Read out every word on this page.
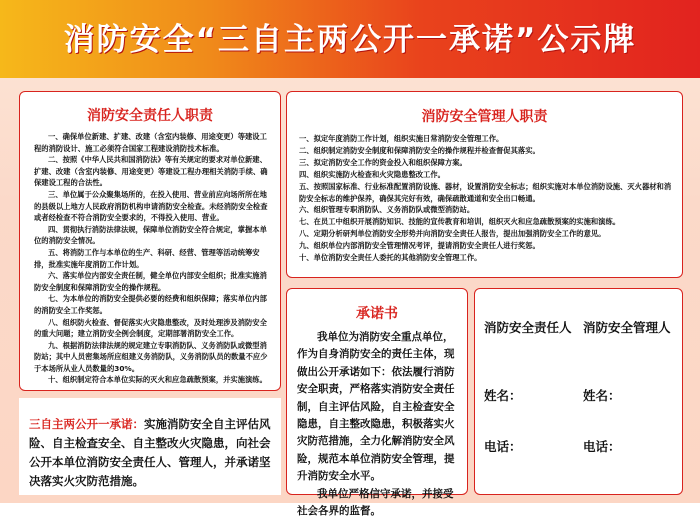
消防安全“三自主两公开一承诺”公示牌
消防安全责任人职责

一、确保单位新建、扩建、改建（含室内装修、用途变更）等建设工程的消防设计、施工必须符合国家工程建设消防技术标准。

二、按照《中华人民共和国消防法》等有关规定的要求对单位新建、扩建、改建（含室内装修、用途变更）等建设工程办理相关消防手续、确保建设工程的合法性。

三、单位属于公众聚集场所的，在投入使用、营业前应向场所所在地的县级以上地方人民政府消防机构申请消防安全检查。未经消防安全检查或者经检查不符合消防安全要求的，不得投入使用、营业。

四、贯彻执行消防法律法规，保障单位消防安全符合规定，掌握本单位的消防安全情况。

五、将消防工作与本单位的生产、科研、经营、管理等活动统筹安排，批准实施年度消防工作计划。

六、落实单位内部安全责任制，健全单位内部安全组织；批准实施消防安全制度和保障消防安全的操作规程。

七、为本单位的消防安全提供必要的经费和组织保障；落实单位内部的消防安全工作奖惩。

八、组织防火检查、督促落实火灾隐患整改，及时处理涉及消防安全的重大问题；建立消防安全例会制度，定期部署消防安全工作。

九、根据消防法律法规的规定建立专职消防队、义务消防队或微型消防站；其中人员密集场所应组建义务消防队，义务消防队员的数量不应少于本场所从业人员数量的30%。

十、组织制定符合本单位实际的灭火和应急疏散预案，并实施演练。

消防安全管理人职责

一、拟定年度消防工作计划，组织实施日常消防安全管理工作。

二、组织制定消防安全制度和保障消防安全的操作规程并检查督促其落实。

三、拟定消防安全工作的资金投入和组织保障方案。

四、组织实施防火检查和火灾隐患整改工作。

五、按照国家标准、行业标准配置消防设施、器材，设置消防安全标志；组织实施对本单位消防设施、灭火器材和消防安全标志的维护保养，确保其完好有效，确保疏散通道和安全出口畅通。

六、组织管理专职消防队、义务消防队或微型消防站。

七、在员工中组织开展消防知识、技能的宣传教育和培训，组织灭火和应急疏散预案的实施和演练。

八、定期分析研判单位消防安全形势并向消防安全责任人报告，提出加强消防安全工作的意见。

九、组织单位内部消防安全管理情况考评，提请消防安全责任人进行奖惩。

十、单位消防安全责任人委托的其他消防安全管理工作。

三自主两公开一承诺：实施消防安全自主评估风险、自主检查安全、自主整改火灾隐患，向社会公开本单位消防安全责任人、管理人，并承诺坚决落实火灾防范措施。
承诺书

我单位为消防安全重点单位，作为自身消防安全的责任主体，现做出公开承诺如下：依法履行消防安全职责，严格落实消防安全责任制，自主评估风险，自主检查安全隐患，自主整改隐患，积极落实火灾防范措施，全力化解消防安全风险，规范本单位消防安全管理，提升消防安全水平。

我单位严格信守承诺，并接受社会各界的监督。

消防安全责任人 消防安全管理人
姓名：	姓名：
电话：	电话：
